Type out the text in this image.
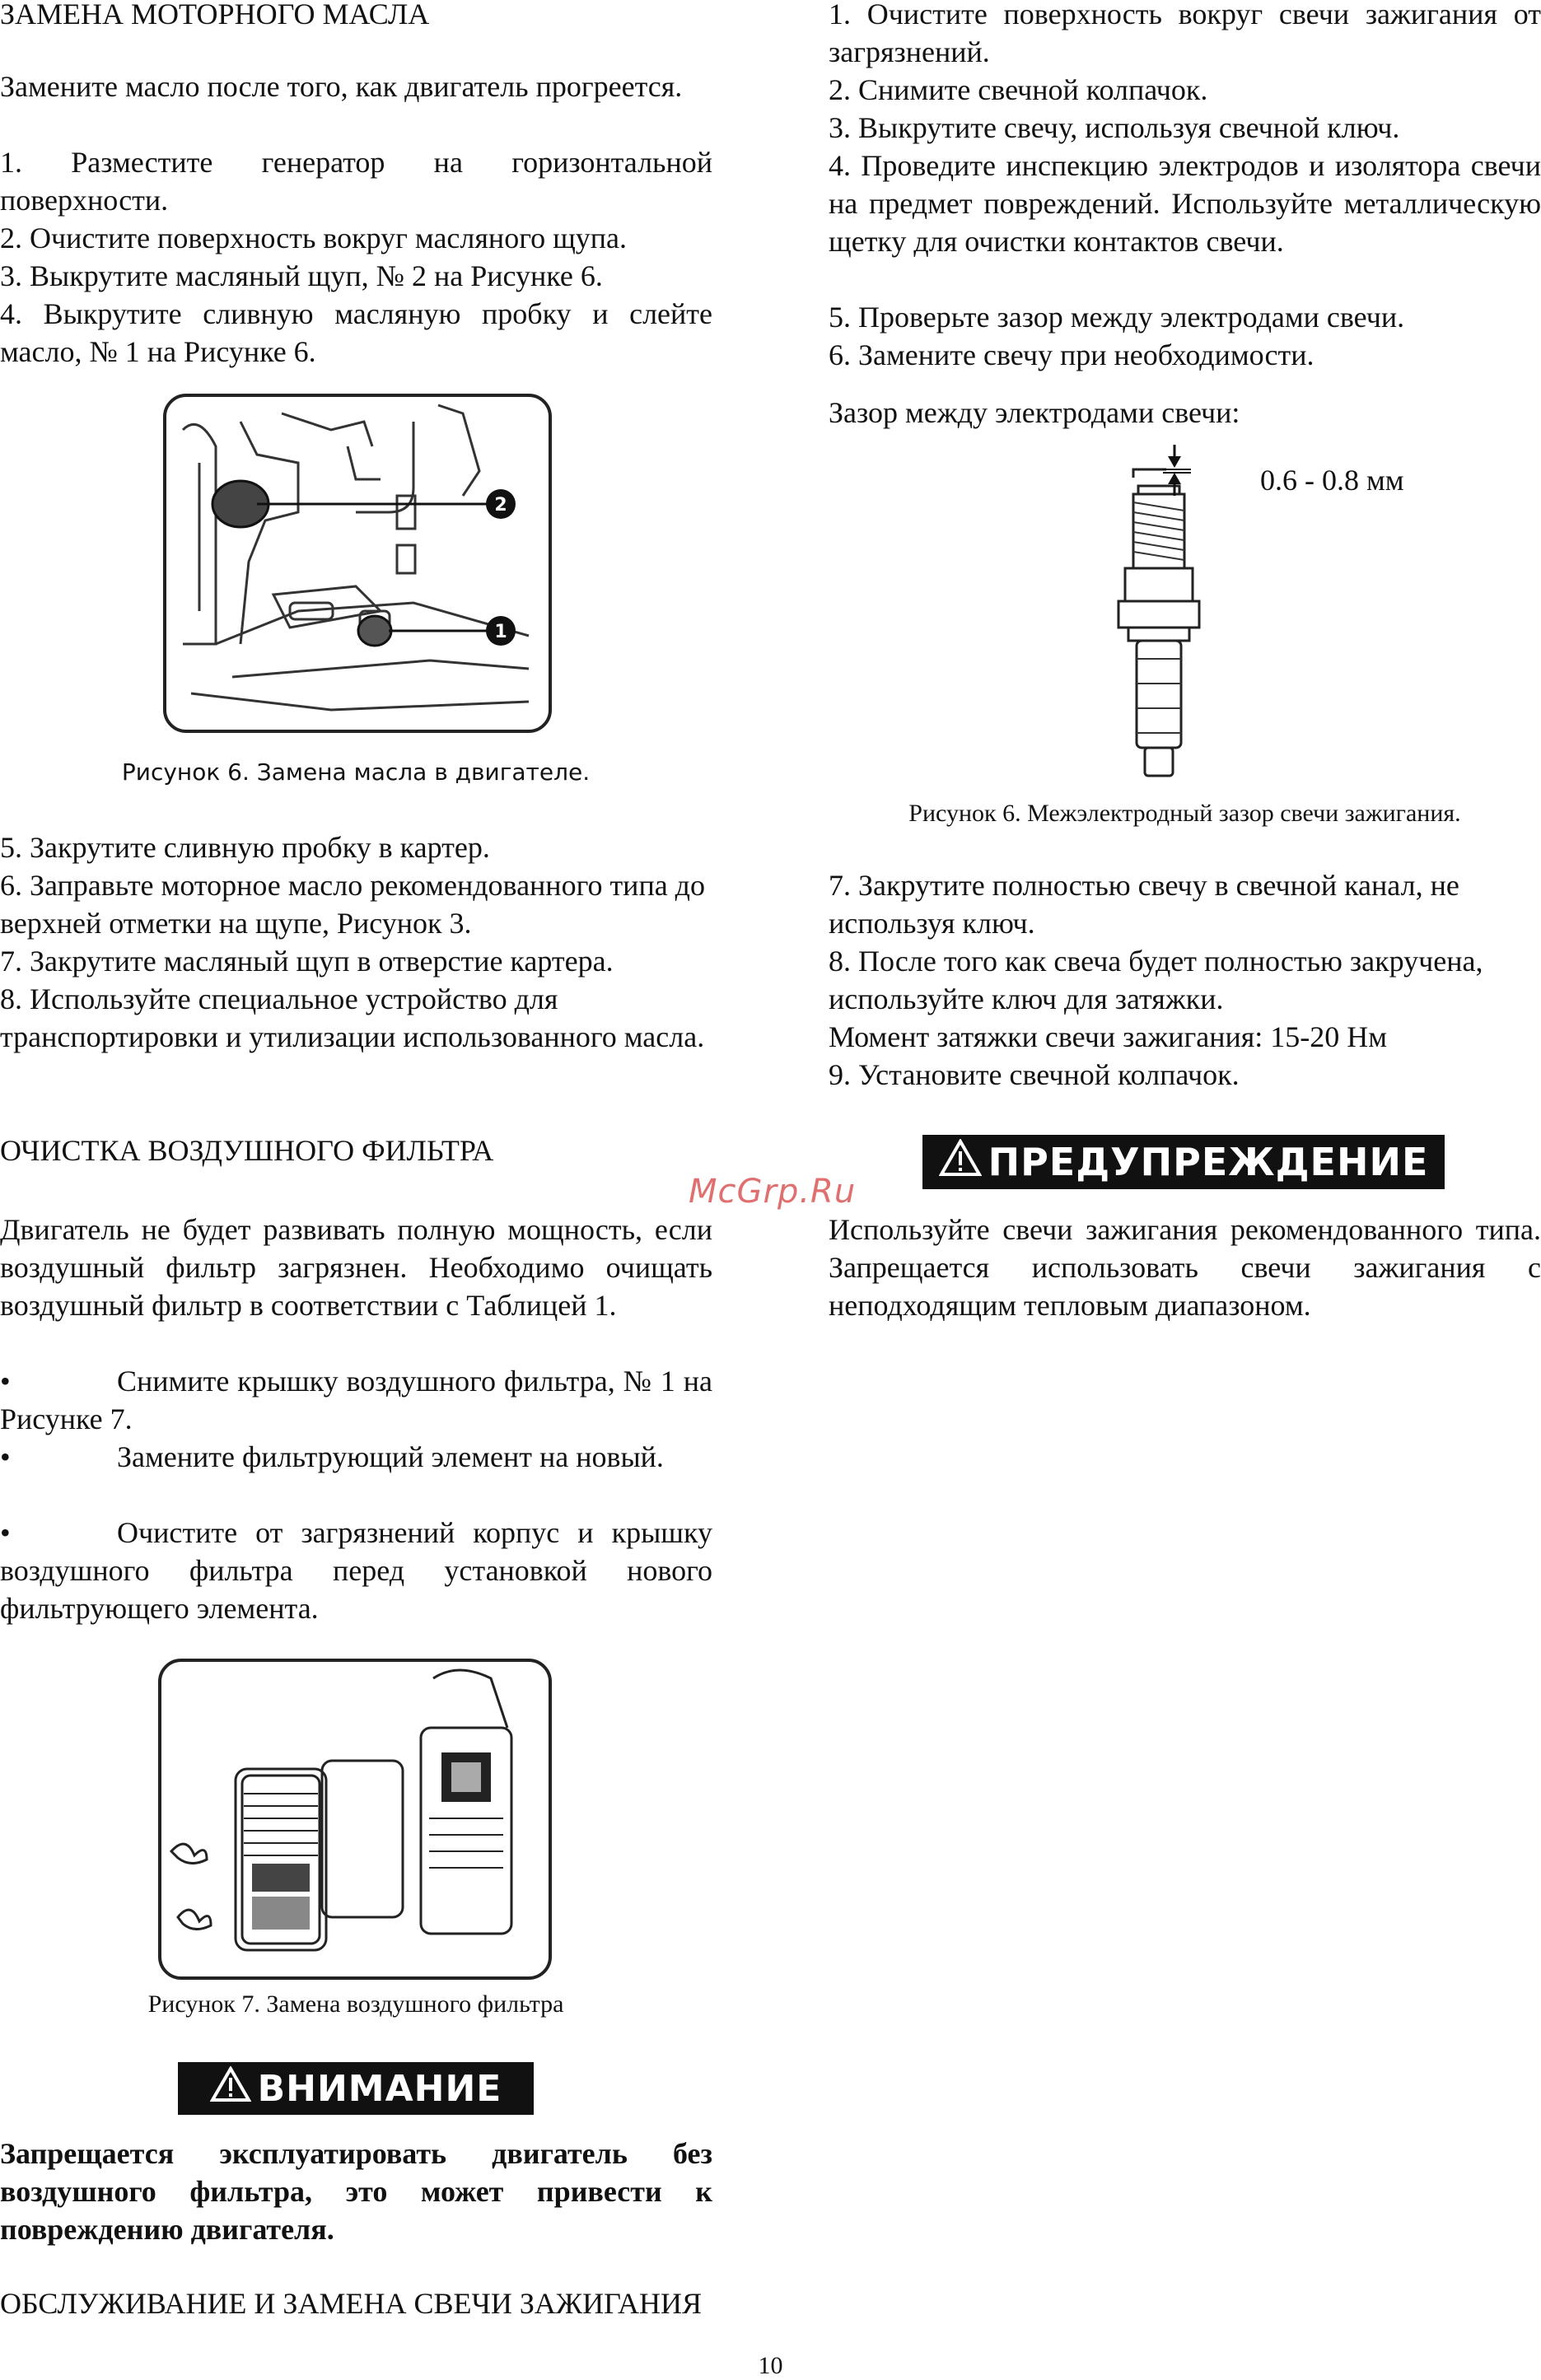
ЗАМЕНА МОТОРНОГО МАСЛА

Замените масло после того, как двигатель прогреется.

1. Разместите генератор на горизонтальной поверхности.

2. Очистите поверхность вокруг масляного щупа.

3. Выкрутите масляный щуп, № 2 на Рисунке 6.

4. Выкрутите сливную масляную пробку и слейте масло, № 1 на Рисунке 6.

2
1

Рисунок 6. Замена масла в двигателе.

5. Закрутите сливную пробку в картер.

6. Заправьте моторное масло рекомендованного типа до верхней отметки на щупе, Рисунок 3.

7. Закрутите масляный щуп в отверстие картера.

8. Используйте специальное устройство для транспортировки и утилизации использованного масла.

ОЧИСТКА ВОЗДУШНОГО ФИЛЬТРА

Двигатель не будет развивать полную мощность, если воздушный фильтр загрязнен. Необходимо очищать воздушный фильтр в соответствии с Таблицей 1.

•	Снимите крышку воздушного фильтра, № 1 на Рисунке 7.

•	Замените фильтрующий элемент на новый.

•	Очистите от загрязнений корпус и крышку воздушного фильтра перед установкой нового фильтрующего элемента.

Рисунок 7. Замена воздушного фильтра

ВНИМАНИЕ

Запрещается эксплуатировать двигатель без воздушного фильтра, это может привести к повреждению двигателя.

ОБСЛУЖИВАНИЕ И ЗАМЕНА СВЕЧИ ЗАЖИГАНИЯ

1. Очистите поверхность вокруг свечи зажигания от загрязнений.

2. Снимите свечной колпачок.

3. Выкрутите свечу, используя свечной ключ.

4. Проведите инспекцию электродов и изолятора свечи на предмет повреждений. Используйте металлическую щетку для очистки контактов свечи.

5. Проверьте зазор между электродами свечи.

6. Замените свечу при необходимости.

Зазор между электродами свечи:

0.6 - 0.8 мм

Рисунок 6. Межэлектродный зазор свечи зажигания.

7. Закрутите полностью свечу в свечной канал, не используя ключ.

8. После того как свеча будет полностью закручена, используйте ключ для затяжки.

Момент затяжки свечи зажигания: 15-20 Нм

9. Установите свечной колпачок.

ПРЕДУПРЕЖДЕНИЕ

Используйте свечи зажигания рекомендованного типа. Запрещается использовать свечи зажигания с неподходящим тепловым диапазоном.

McGrp.Ru
10
